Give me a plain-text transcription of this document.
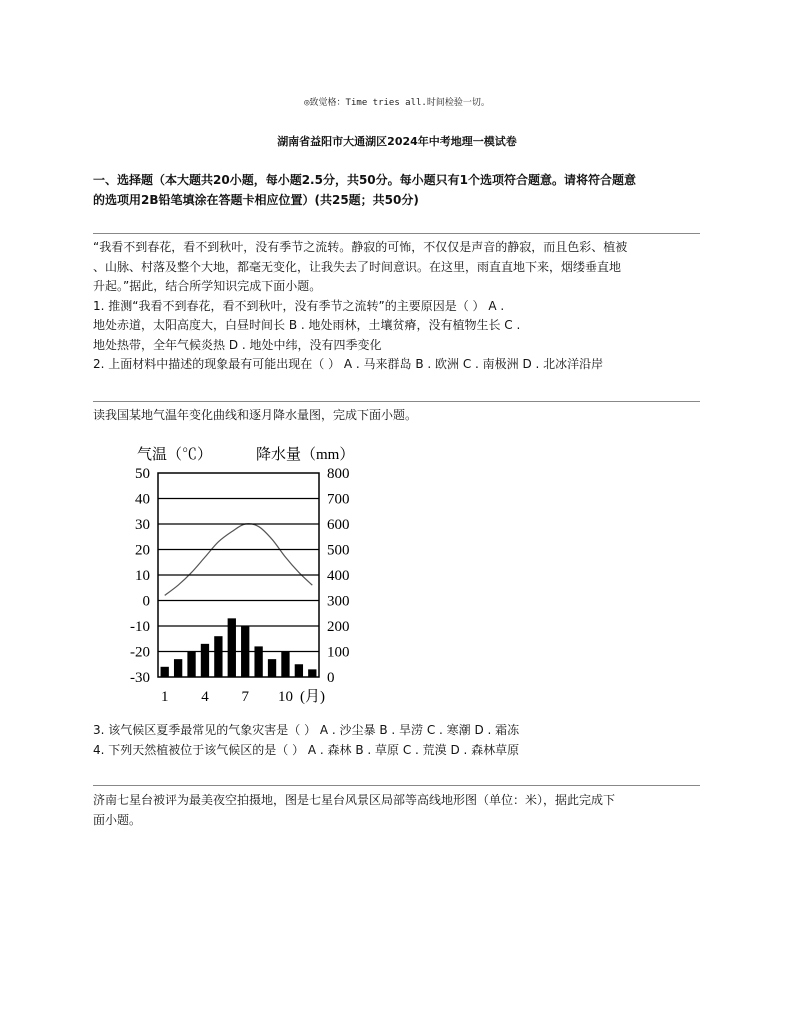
◎致觉格：Time tries all.时间检验一切。
湖南省益阳市大通湖区2024年中考地理一模试卷
一、选择题（本大题共20小题，每小题2.5分，共50分。每小题只有1个选项符合题意。请将符合题意
的选项用2B铅笔填涂在答题卡相应位置）(共25题；共50分)

“我看不到春花，看不到秋叶，没有季节之流转。静寂的可怖，不仅仅是声音的静寂，而且色彩、植被

、山脉、村落及整个大地，都毫无变化，让我失去了时间意识。在这里，雨直直地下来，烟缕垂直地

升起。”据此，结合所学知识完成下面小题。

1. 推测“我看不到春花，看不到秋叶，没有季节之流转”的主要原因是（ ） A .

地处赤道，太阳高度大，白昼时间长 B . 地处雨林，土壤贫瘠，没有植物生长 C .

地处热带，全年气候炎热 D . 地处中纬，没有四季变化

2. 上面材料中描述的现象最有可能出现在（ ） A . 马来群岛 B . 欧洲 C . 南极洲 D . 北冰洋沿岸

读我国某地气温年变化曲线和逐月降水量图，完成下面小题。
气温（℃）	降水量（mm）
50
40
30
20
10
0
-10
-20
-30
800
700
600
500
400
300
200
100
0
1 4 7 10 (月)

3. 该气候区夏季最常见的气象灾害是（ ） A . 沙尘暴 B . 旱涝 C . 寒潮 D . 霜冻

4. 下列天然植被位于该气候区的是（ ） A . 森林 B . 草原 C . 荒漠 D . 森林草原

济南七星台被评为最美夜空拍摄地，图是七星台风景区局部等高线地形图（单位：米），据此完成下

面小题。
